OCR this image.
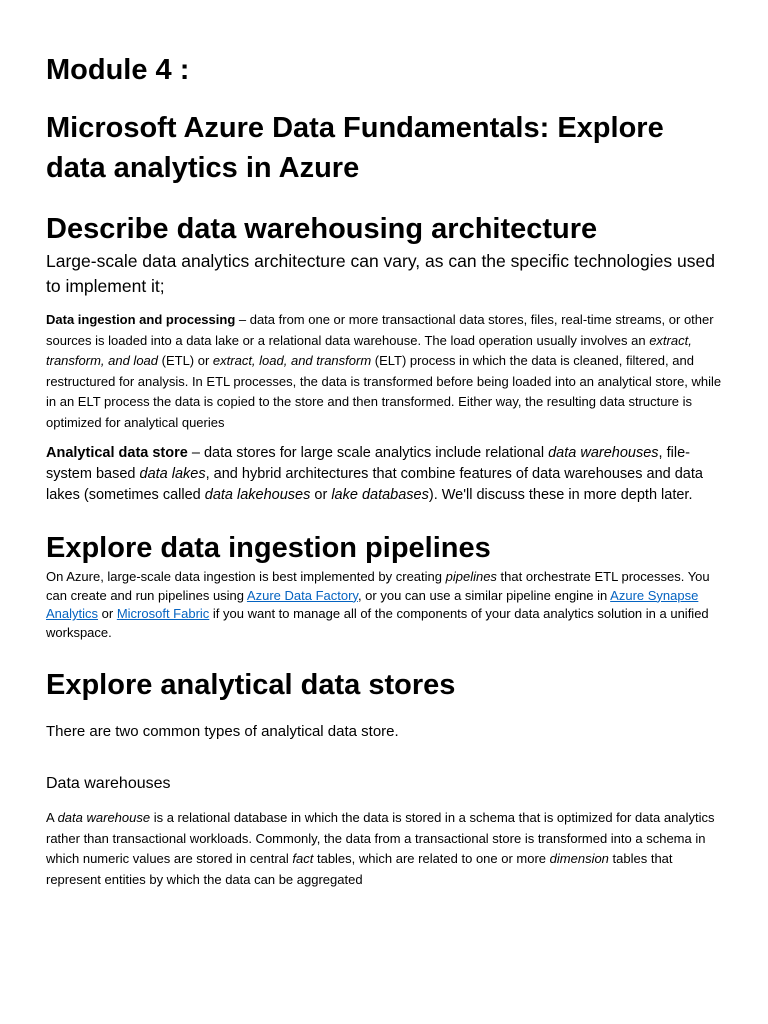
Module 4 :
Microsoft Azure Data Fundamentals: Explore data analytics in Azure
Describe data warehousing architecture

Large-scale data analytics architecture can vary, as can the specific technologies used to implement it;

Data ingestion and processing – data from one or more transactional data stores, files, real-time streams, or other sources is loaded into a data lake or a relational data warehouse. The load operation usually involves an extract, transform, and load (ETL) or extract, load, and transform (ELT) process in which the data is cleaned, filtered, and restructured for analysis. In ETL processes, the data is transformed before being loaded into an analytical store, while in an ELT process the data is copied to the store and then transformed. Either way, the resulting data structure is optimized for analytical queries

Analytical data store – data stores for large scale analytics include relational data warehouses, file-system based data lakes, and hybrid architectures that combine features of data warehouses and data lakes (sometimes called data lakehouses or lake databases). We'll discuss these in more depth later.

Explore data ingestion pipelines

On Azure, large-scale data ingestion is best implemented by creating pipelines that orchestrate ETL processes. You can create and run pipelines using Azure Data Factory, or you can use a similar pipeline engine in Azure Synapse Analytics or Microsoft Fabric if you want to manage all of the components of your data analytics solution in a unified workspace.

Explore analytical data stores

There are two common types of analytical data store.

Data warehouses

A data warehouse is a relational database in which the data is stored in a schema that is optimized for data analytics rather than transactional workloads. Commonly, the data from a transactional store is transformed into a schema in which numeric values are stored in central fact tables, which are related to one or more dimension tables that represent entities by which the data can be aggregated
